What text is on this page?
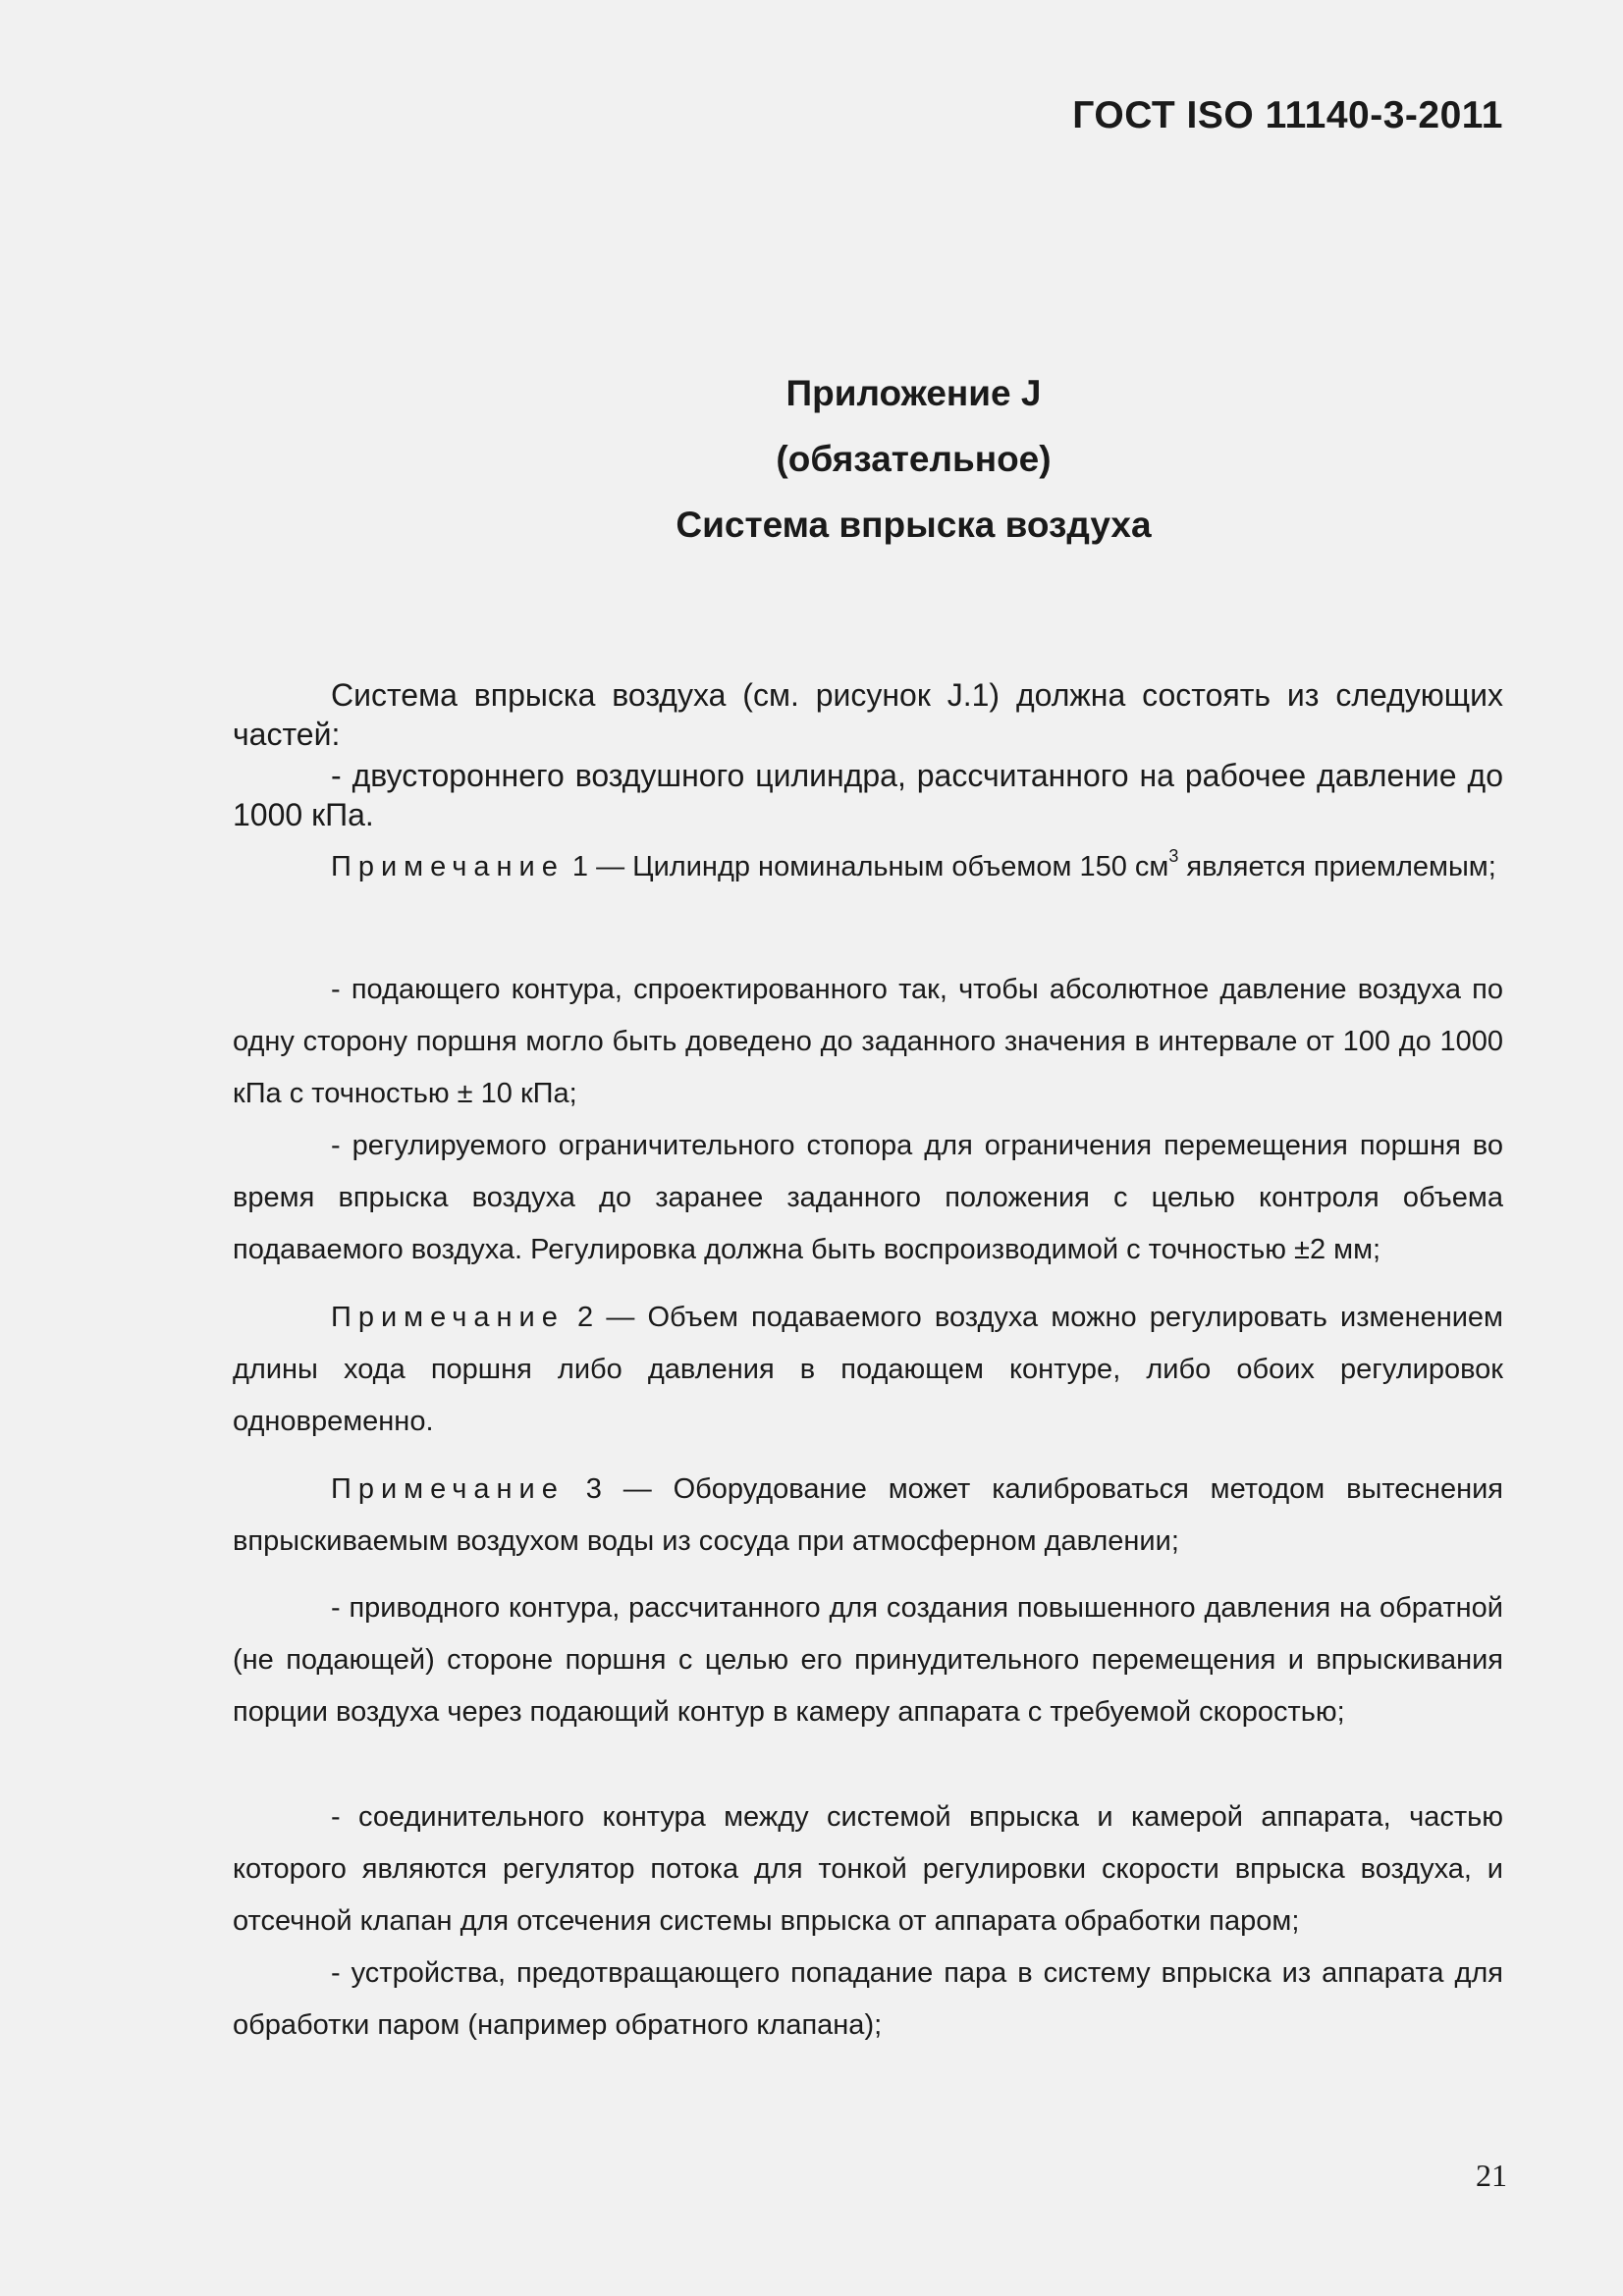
ГОСТ ISO 11140-3-2011
Приложение J
(обязательное)
Система впрыска воздуха

Система впрыска воздуха (см. рисунок J.1) должна состоять из следующих частей:

- двустороннего воздушного цилиндра, рассчитанного на рабочее давление до 1000 кПа.

Примечание 1 — Цилиндр номинальным объемом 150 $см^3$ является приемлемым;

- подающего контура, спроектированного так, чтобы абсолютное давление воздуха по одну сторону поршня могло быть доведено до заданного значения в интервале от 100 до 1000 кПа с точностью ± 10 кПа;

- регулируемого ограничительного стопора для ограничения перемещения поршня во время впрыска воздуха до заранее заданного положения с целью контроля объема подаваемого воздуха. Регулировка должна быть воспроизводимой с точностью ±2 мм;

Примечание 2 — Объем подаваемого воздуха можно регулировать изменением длины хода поршня либо давления в подающем контуре, либо обоих регулировок одновременно.

Примечание 3 — Оборудование может калиброваться методом вытеснения впрыскиваемым воздухом воды из сосуда при атмосферном давлении;

- приводного контура, рассчитанного для создания повышенного давления на обратной (не подающей) стороне поршня с целью его принудительного перемещения и впрыскивания порции воздуха через подающий контур в камеру аппарата с требуемой скоростью;

- соединительного контура между системой впрыска и камерой аппарата, частью которого являются регулятор потока для тонкой регулировки скорости впрыска воздуха, и отсечной клапан для отсечения системы впрыска от аппарата обработки паром;

- устройства, предотвращающего попадание пара в систему впрыска из аппарата для обработки паром (например обратного клапана);

21
